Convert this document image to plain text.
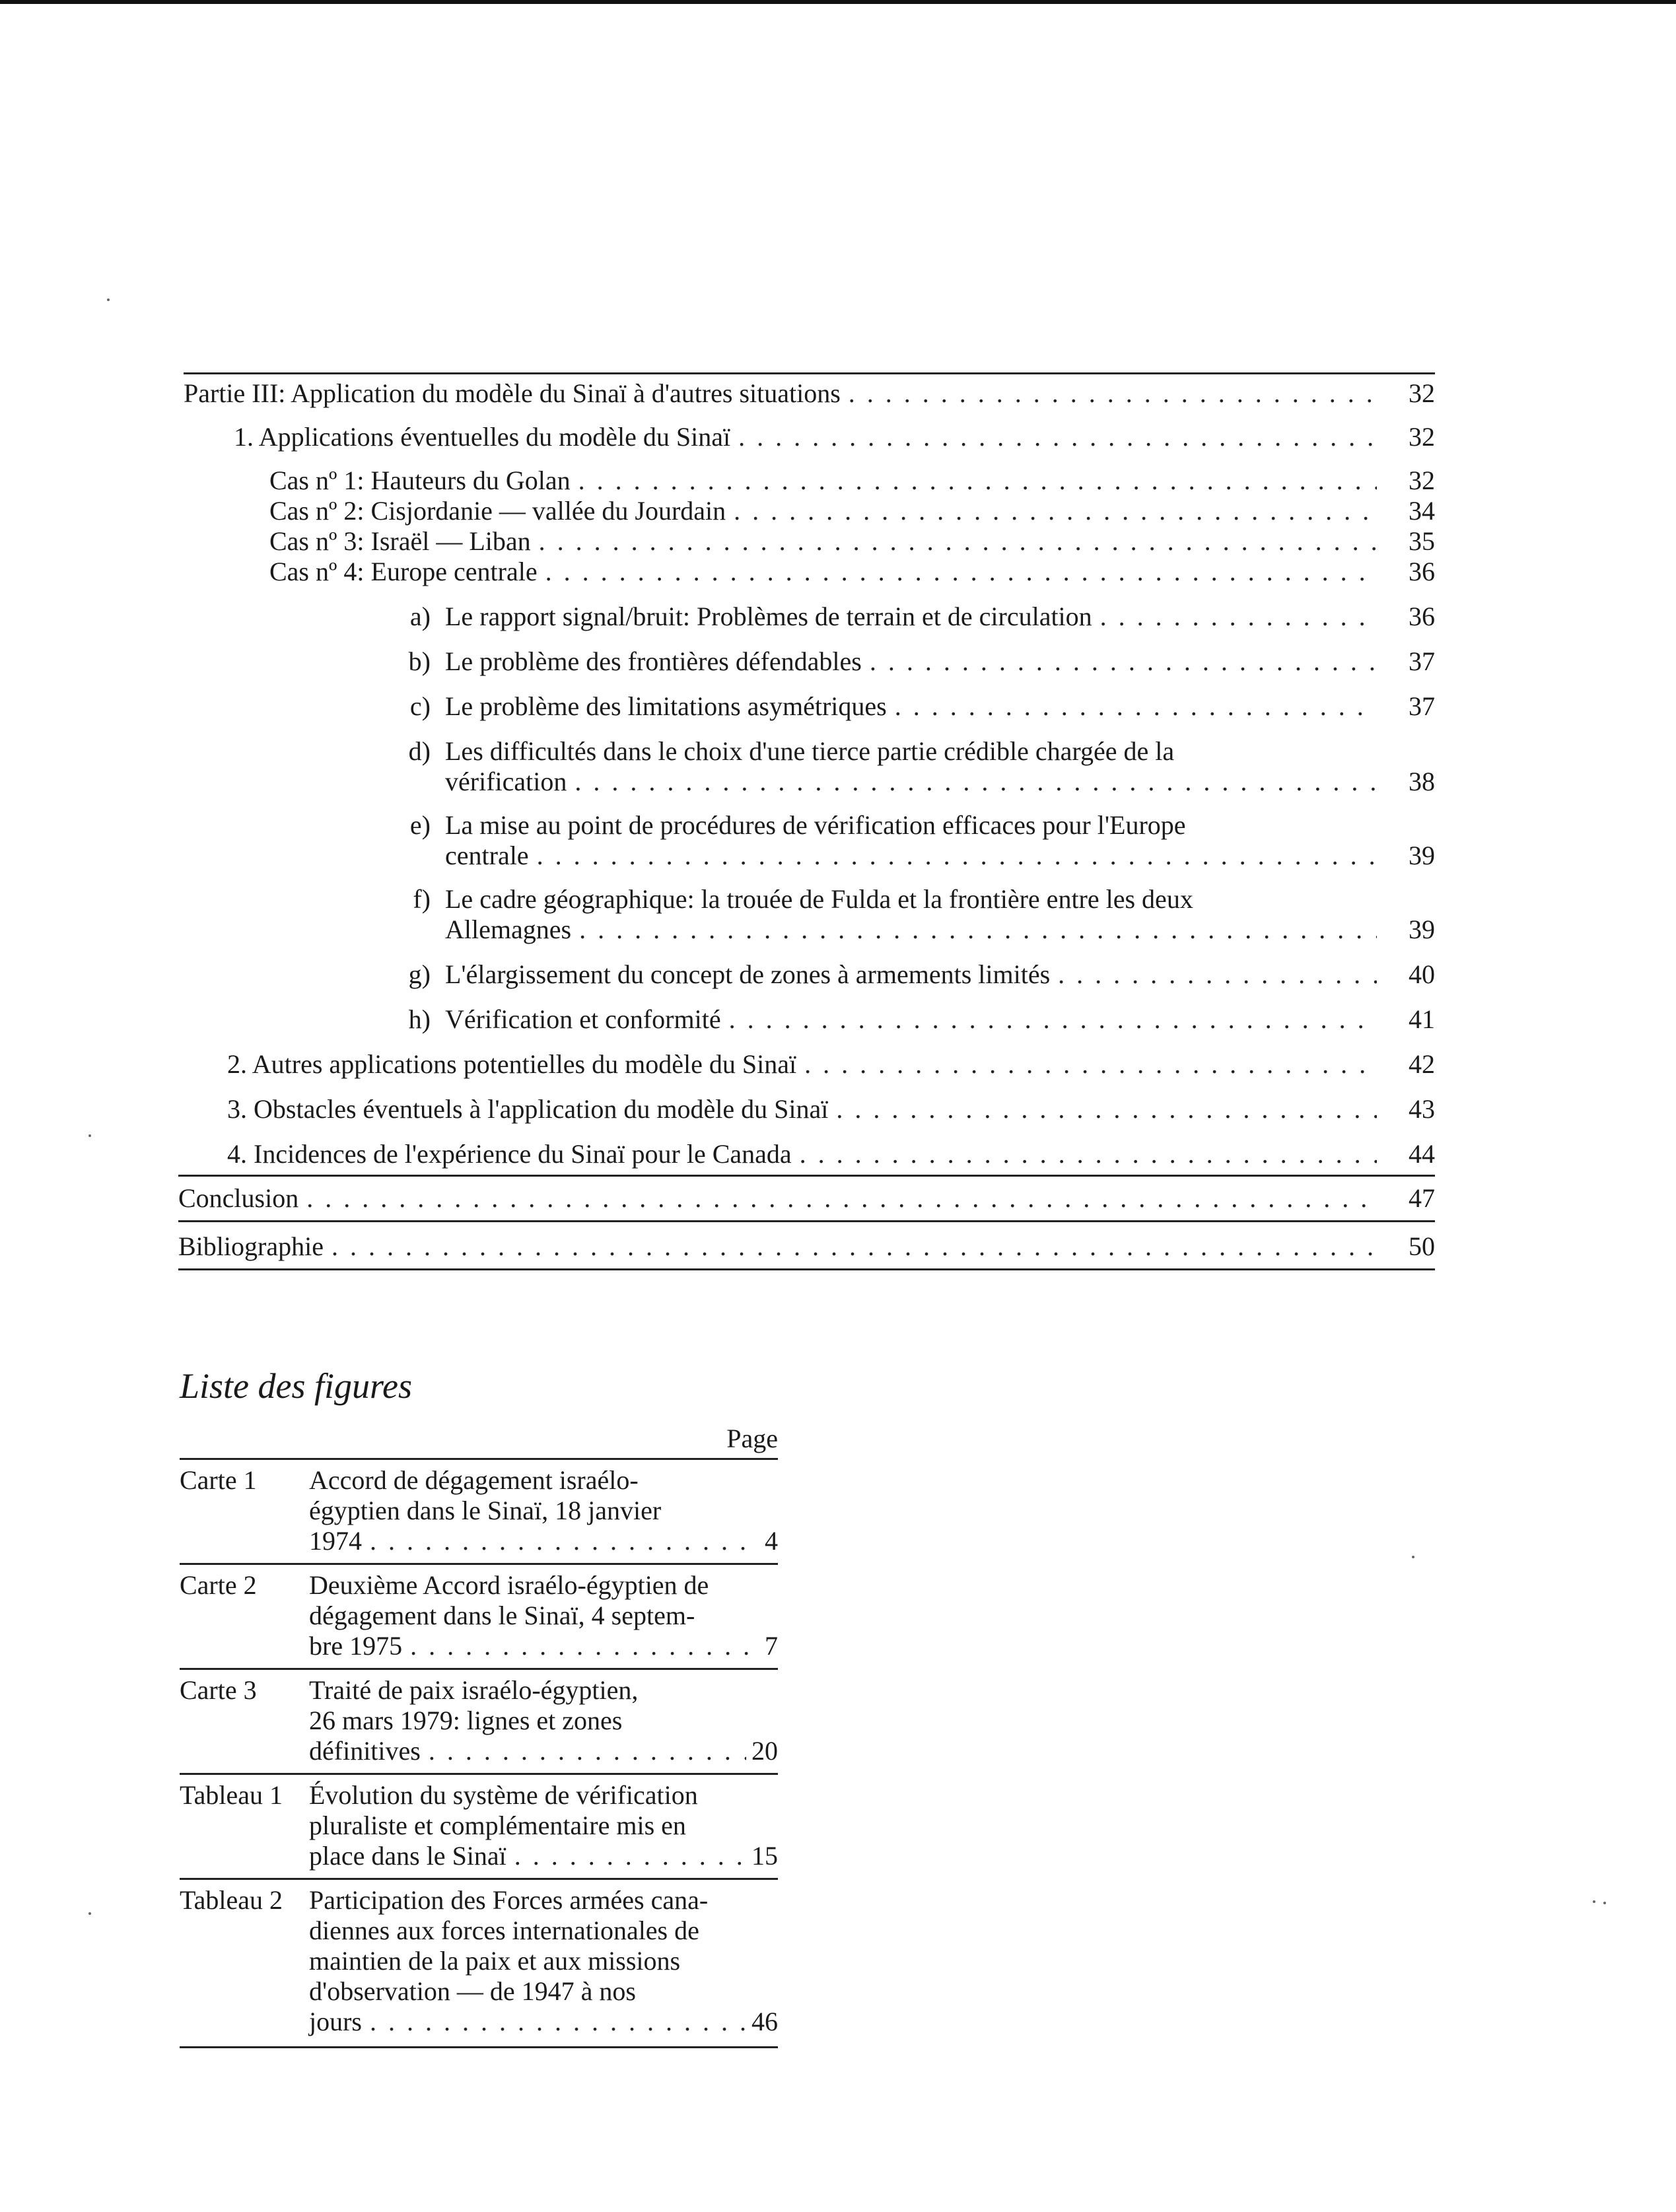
Partie III: Application du modèle du Sinaï à d'autres situations . . .	32
1. Applications éventuelles du modèle du Sinaï . . .	32
Cas nº 1: Hauteurs du Golan . . .	32
Cas nº 2: Cisjordanie — vallée du Jourdain . . .	34
Cas nº 3: Israël — Liban . . .	35
Cas nº 4: Europe centrale . . .	36
a) Le rapport signal/bruit: Problèmes de terrain et de circulation . . .	36
b) Le problème des frontières défendables . . .	37
c) Le problème des limitations asymétriques . . .	37
d) Les difficultés dans le choix d'une tierce partie crédible chargée de la
vérification . . .	38
e) La mise au point de procédures de vérification efficaces pour l'Europe
centrale . . .	39
f) Le cadre géographique: la trouée de Fulda et la frontière entre les deux
Allemagnes . . .	39
g) L'élargissement du concept de zones à armements limités . . .	40
h) Vérification et conformité . . .	41
2. Autres applications potentielles du modèle du Sinaï . . .	42
3. Obstacles éventuels à l'application du modèle du Sinaï . . .	43
4. Incidences de l'expérience du Sinaï pour le Canada . . .	44
Conclusion . . .	47
Bibliographie . . .	50
Liste des figures
Page
Carte 1 Accord de dégagement israélo-
égyptien dans le Sinaï, 18 janvier
1974 . . .	4
Carte 2 Deuxième Accord israélo-égyptien de
dégagement dans le Sinaï, 4 septem-
bre 1975 . . .	7
Carte 3 Traité de paix israélo-égyptien,
26 mars 1979: lignes et zones
définitives . . .	20
Tableau 1 Évolution du système de vérification
pluraliste et complémentaire mis en
place dans le Sinaï . . .	15
Tableau 2 Participation des Forces armées cana-
diennes aux forces internationales de
maintien de la paix et aux missions
d'observation — de 1947 à nos
jours . . .	46
